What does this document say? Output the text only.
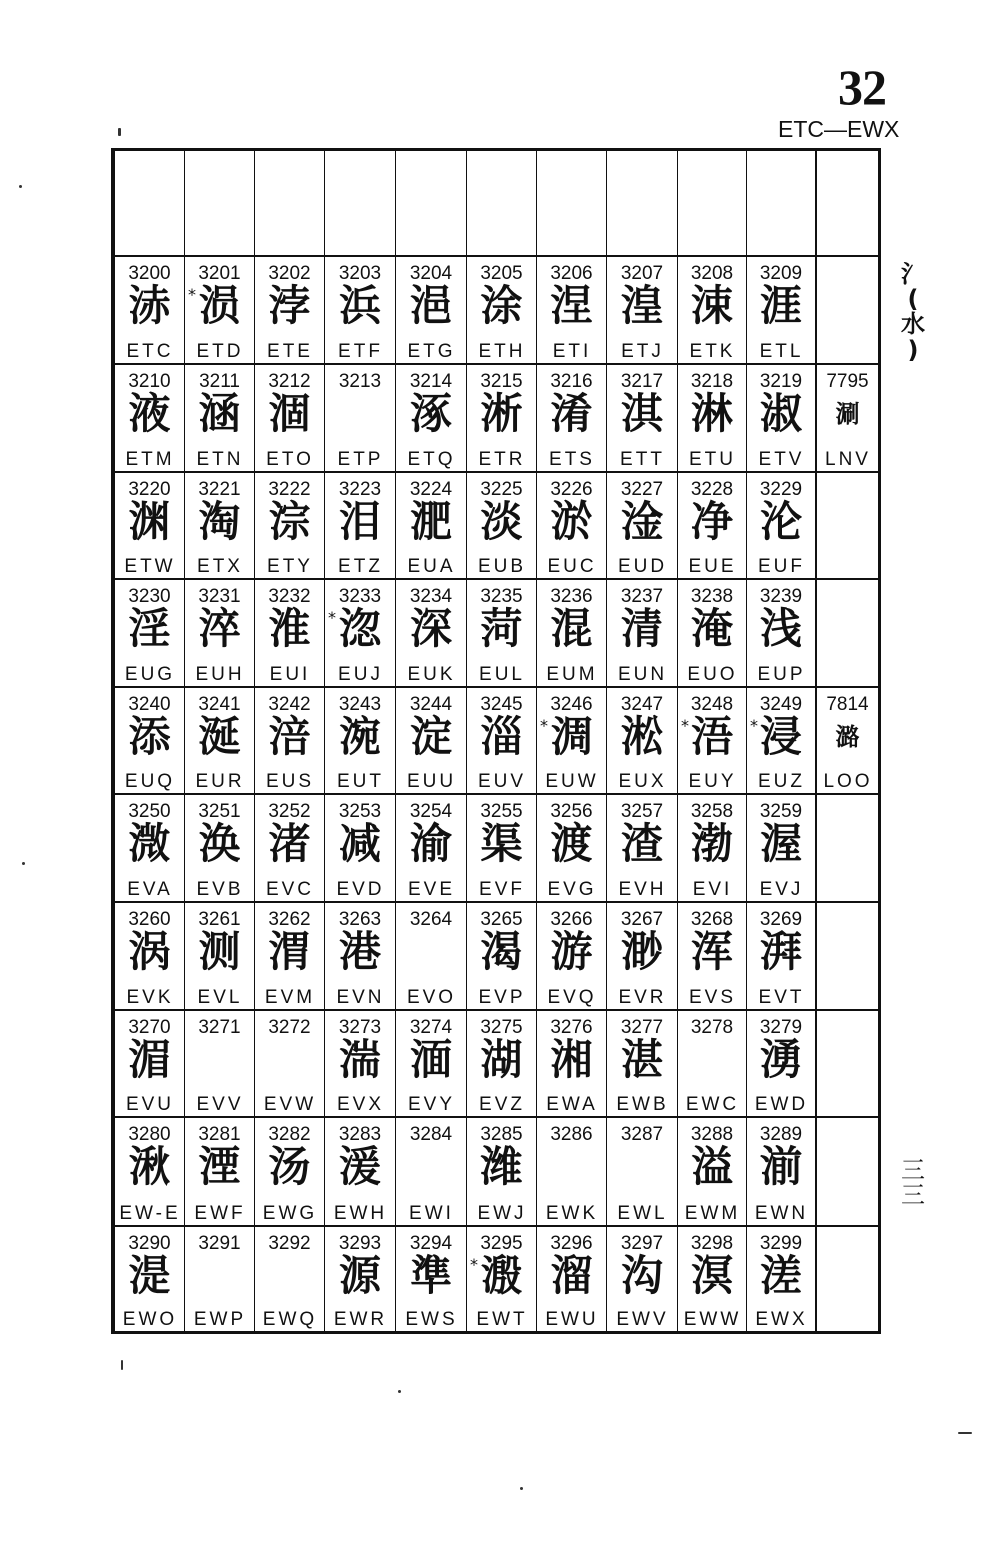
32
ETC—EWX
3200
浾
ETC
3201
* 涢
ETD
3202
浡
ETE
3203
浜
ETF
3204
浥
ETG
3205
涂
ETH
3206
涅
ETI
3207
湟
ETJ
3208
涑
ETK
3209
涯
ETL
3210
液
ETM
3211
涵
ETN
3212
涸
ETO
3213
ETP
3214
涿
ETQ
3215
淅
ETR
3216
淆
ETS
3217
淇
ETT
3218
淋
ETU
3219
淑
ETV
7795
涮
LNV
3220
渊
ETW
3221
淘
ETX
3222
淙
ETY
3223
泪
ETZ
3224
淝
EUA
3225
淡
EUB
3226
淤
EUC
3227
淦
EUD
3228
净
EUE
3229
沦
EUF
3230
淫
EUG
3231
淬
EUH
3232
淮
EUI
3233
* 淴
EUJ
3234
深
EUK
3235
菏
EUL
3236
混
EUM
3237
清
EUN
3238
淹
EUO
3239
浅
EUP
3240
添
EUQ
3241
涎
EUR
3242
涪
EUS
3243
涴
EUT
3244
淀
EUU
3245
淄
EUV
3246
* 淍
EUW
3247
淞
EUX
3248
* 浯
EUY
3249
* 浸
EUZ
7814
潞
LOO
3250
溦
EVA
3251
涣
EVB
3252
渚
EVC
3253
减
EVD
3254
渝
EVE
3255
渠
EVF
3256
渡
EVG
3257
渣
EVH
3258
渤
EVI
3259
渥
EVJ
3260
涡
EVK
3261
测
EVL
3262
渭
EVM
3263
港
EVN
3264
EVO
3265
渴
EVP
3266
游
EVQ
3267
渺
EVR
3268
浑
EVS
3269
湃
EVT
3270
湄
EVU
3271
EVV
3272
EVW
3273
湍
EVX
3274
湎
EVY
3275
湖
EVZ
3276
湘
EWA
3277
湛
EWB
3278
EWC
3279
湧
EWD
3280
湫
EW-E
3281
湮
EWF
3282
汤
EWG
3283
湲
EWH
3284
EWI
3285
潍
EWJ
3286
EWK
3287
EWL
3288
溢
EWM
3289
湔
EWN
3290
湜
EWO
3291
EWP
3292
EWQ
3293
源
EWR
3294
準
EWS
3295
* 溵
EWT
3296
溜
EWU
3297
沟
EWV
3298
溟
EWW
3299
溠
EWX
氵
(
水
)
三
三
